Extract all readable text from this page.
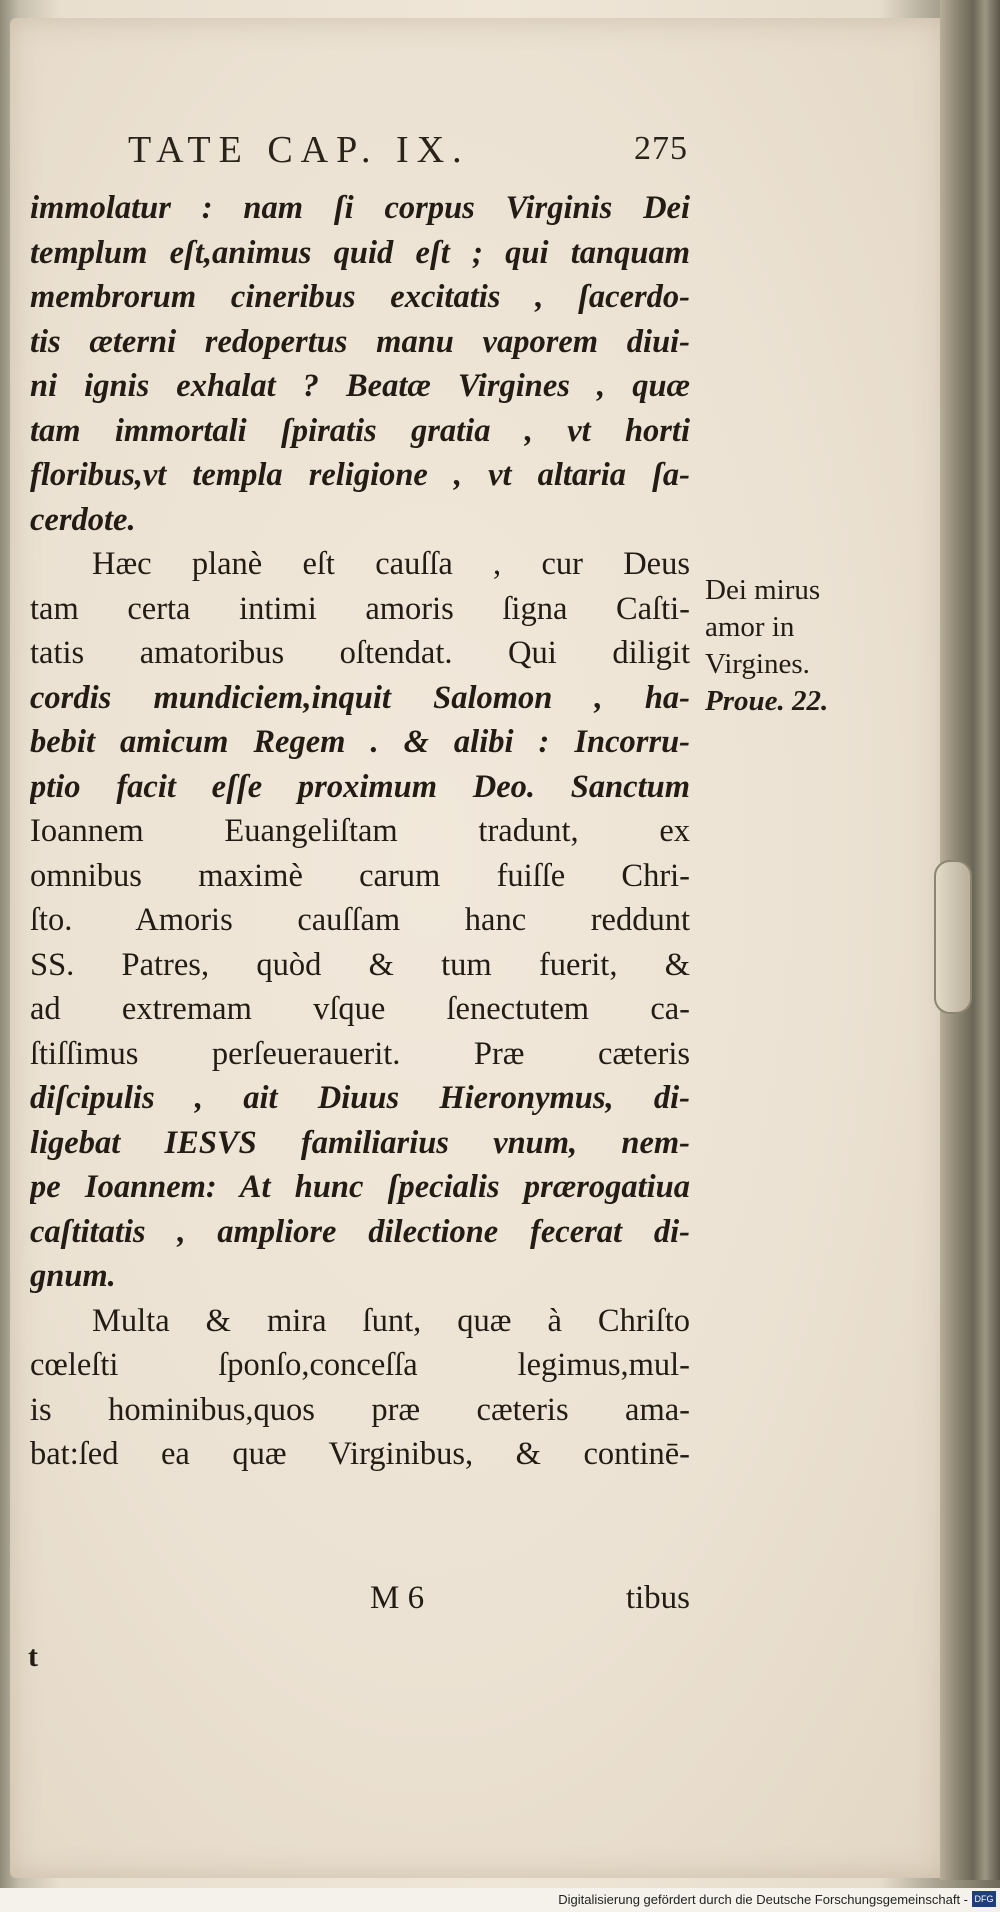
TATE CAP. IX.	275
immolatur : nam ſi corpus Virginis Dei
templum eſt,animus quid eſt ; qui tanquam
membrorum cineribus excitatis , ſacerdo-
tis æterni redopertus manu vaporem diui-
ni ignis exhalat ? Beatæ Virgines , quæ
tam immortali ſpiratis gratia , vt horti
floribus,vt templa religione , vt altaria ſa-
cerdote.
Hæc planè eſt cauſſa , cur Deus
tam certa intimi amoris ſigna Caſti-
tatis amatoribus oſtendat. Qui diligit
cordis mundiciem,inquit Salomon , ha-
bebit amicum Regem . & alibi : Incorru-
ptio facit eſſe proximum Deo. Sanctum
Ioannem Euangeliſtam tradunt, ex
omnibus maximè carum fuiſſe Chri-
ſto. Amoris cauſſam hanc reddunt
SS. Patres, quòd & tum fuerit, &
ad extremam vſque ſenectutem ca-
ſtiſſimus perſeuerauerit. Præ cæteris
diſcipulis , ait Diuus Hieronymus, di-
ligebat IESVS familiarius vnum, nem-
pe Ioannem: At hunc ſpecialis prærogatiua
caſtitatis , ampliore dilectione fecerat di-
gnum.
Multa & mira ſunt, quæ à Chriſto
cœleſti ſponſo,conceſſa legimus,mul-
is hominibus,quos præ cæteris ama-
bat:ſed ea quæ Virginibus, & continē-
Dei mirus
amor in
Virgines.
Proue. 22.
M 6	tibus
t
Digitalisierung gefördert durch die Deutsche Forschungsgemeinschaft - DFG
